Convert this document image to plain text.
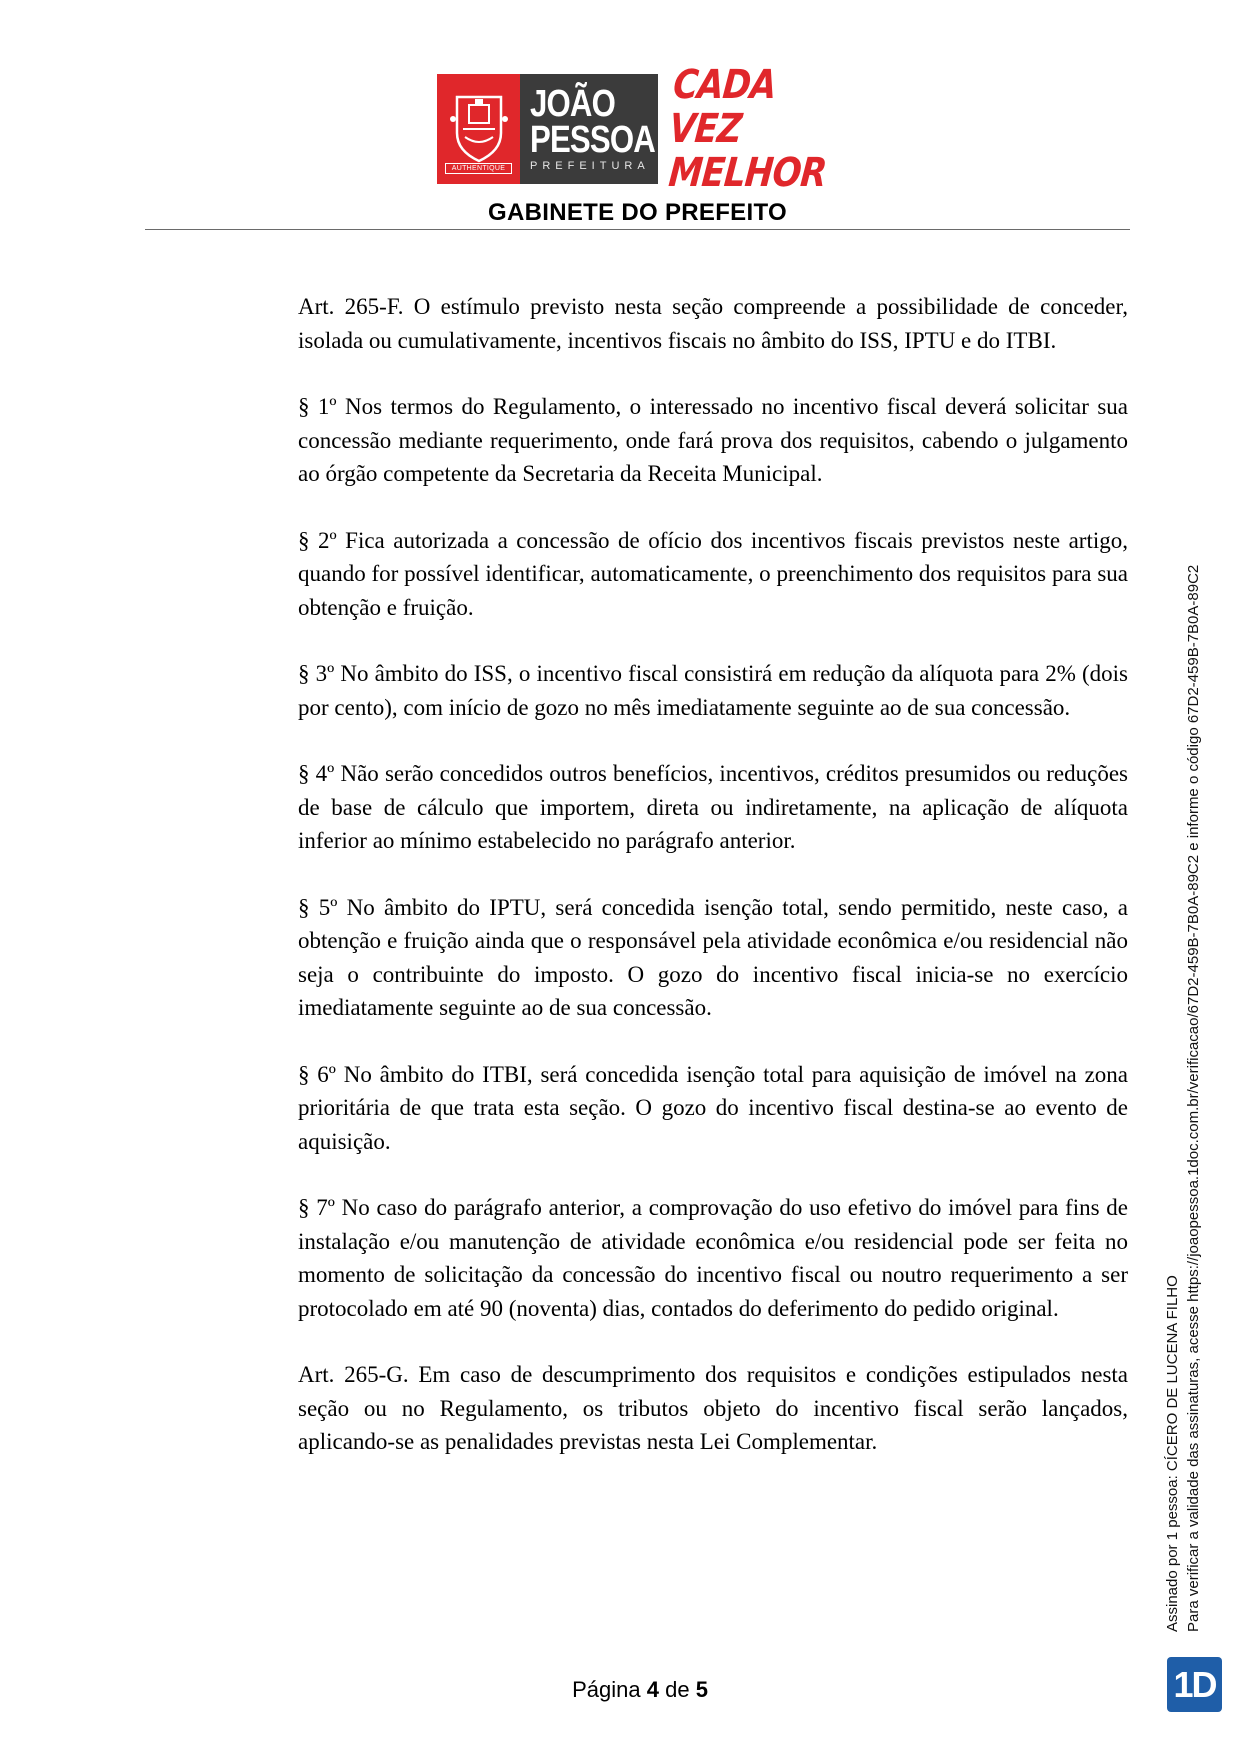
AUTHENTIQUE
JOÃO
PESSOA
PREFEITURA
CADA VEZ
MELHOR
GABINETE DO PREFEITO

Art. 265-F. O estímulo previsto nesta seção compreende a possibilidade de conceder, isolada ou cumulativamente, incentivos fiscais no âmbito do ISS, IPTU e do ITBI.

§ 1º Nos termos do Regulamento, o interessado no incentivo fiscal deverá solicitar sua concessão mediante requerimento, onde fará prova dos requisitos, cabendo o julgamento ao órgão competente da Secretaria da Receita Municipal.

§ 2º Fica autorizada a concessão de ofício dos incentivos fiscais previstos neste artigo, quando for possível identificar, automaticamente, o preenchimento dos requisitos para sua obtenção e fruição.

§ 3º No âmbito do ISS, o incentivo fiscal consistirá em redução da alíquota para 2% (dois por cento), com início de gozo no mês imediatamente seguinte ao de sua concessão.

§ 4º Não serão concedidos outros benefícios, incentivos, créditos presumidos ou reduções de base de cálculo que importem, direta ou indiretamente, na aplicação de alíquota inferior ao mínimo estabelecido no parágrafo anterior.

§ 5º No âmbito do IPTU, será concedida isenção total, sendo permitido, neste caso, a obtenção e fruição ainda que o responsável pela atividade econômica e/ou residencial não seja o contribuinte do imposto. O gozo do incentivo fiscal inicia-se no exercício imediatamente seguinte ao de sua concessão.

§ 6º No âmbito do ITBI, será concedida isenção total para aquisição de imóvel na zona prioritária de que trata esta seção. O gozo do incentivo fiscal destina-se ao evento de aquisição.

§ 7º No caso do parágrafo anterior, a comprovação do uso efetivo do imóvel para fins de instalação e/ou manutenção de atividade econômica e/ou residencial pode ser feita no momento de solicitação da concessão do incentivo fiscal ou noutro requerimento a ser protocolado em até 90 (noventa) dias, contados do deferimento do pedido original.

Art. 265-G. Em caso de descumprimento dos requisitos e condições estipulados nesta seção ou no Regulamento, os tributos objeto do incentivo fiscal serão lançados, aplicando-se as penalidades previstas nesta Lei Complementar.

Página 4 de 5
Assinado por 1 pessoa: CÍCERO DE LUCENA FILHO Para verificar a validade das assinaturas, acesse https://joaopessoa.1doc.com.br/verificacao/67D2-459B-7B0A-89C2 e informe o código 67D2-459B-7B0A-89C2
1D
